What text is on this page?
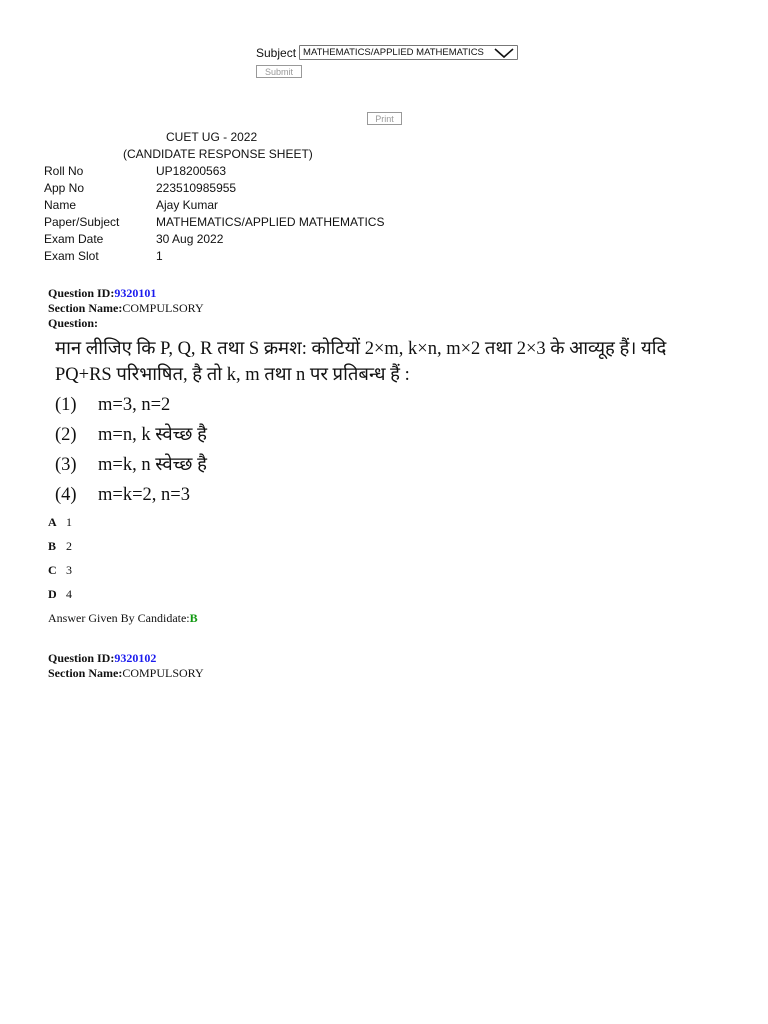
Subject MATHEMATICS/APPLIED MATHEMATICS
Submit
Print
CUET UG - 2022
(CANDIDATE RESPONSE SHEET)
Roll No	UP18200563
App No	223510985955
Name	Ajay Kumar
Paper/Subject	MATHEMATICS/APPLIED MATHEMATICS
Exam Date	30 Aug 2022
Exam Slot	1
Question ID:9320101
Section Name:COMPULSORY
Question:
मान लीजिए कि P, Q, R तथा S क्रमश: कोटियों 2×m, k×n, m×2 तथा 2×3 के आव्यूह हैं। यदि
PQ+RS परिभाषित, है तो k, m तथा n पर प्रतिबन्ध हैं :
(1)	m=3, n=2
(2)	m=n, k स्वेच्छ है
(3)	m=k, n स्वेच्छ है
(4)	m=k=2, n=3
A 1
B 2
C 3
D 4
Answer Given By Candidate:B
Question ID:9320102
Section Name:COMPULSORY
